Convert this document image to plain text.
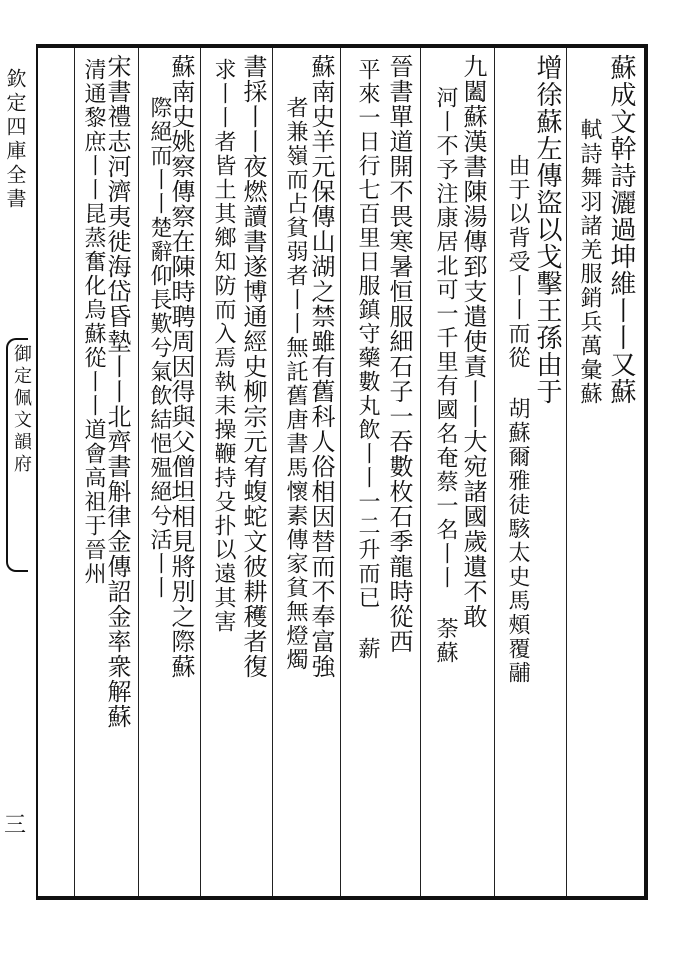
欽定四庫全書
御定佩文韻府
三
蘇成文幹詩灑過坤維丨丨又蘇
軾詩舞羽諸羌服銷兵萬彙蘇
增徐蘇左傳盜以戈擊王孫由于
由于以背受丨丨而從 胡蘇爾雅徒駭太史馬頰覆鬴
九闔蘇漢書陳湯傳郅支遣使責丨丨大宛諸國歲遺不敢
河丨不予注康居北可一千里有國名奄蔡一名丨丨 荼蘇
晉書單道開不畏寒暑恒服細石子一吞數枚石季龍時從西
平來一日行七百里日服鎮守藥數丸飲丨丨一二升而已 薪
蘇南史羊元保傳山湖之禁雖有舊科人俗相因替而不奉富強
者兼嶺而占貧弱者丨丨無託舊唐書馬懷素傳家貧無燈燭
書採丨丨夜燃讀書遂博通經史柳宗元宥蝮蛇文彼耕穫者復
求丨丨者皆土其鄉知防而入焉執耒操鞭持殳扑以遠其害
蘇南史姚察傳察在陳時聘周因得與父僧坦相見將別之際蘇
際絕而丨丨楚辭仰長歎兮氣飲結悒殟絕兮活丨丨
宋書禮志河濟夷徙海岱昏墊丨丨北齊書斛律金傳詔金率衆解蘇
清通黎庶丨丨昆蒸奮化烏蘇從丨丨道會高祖于晉州
